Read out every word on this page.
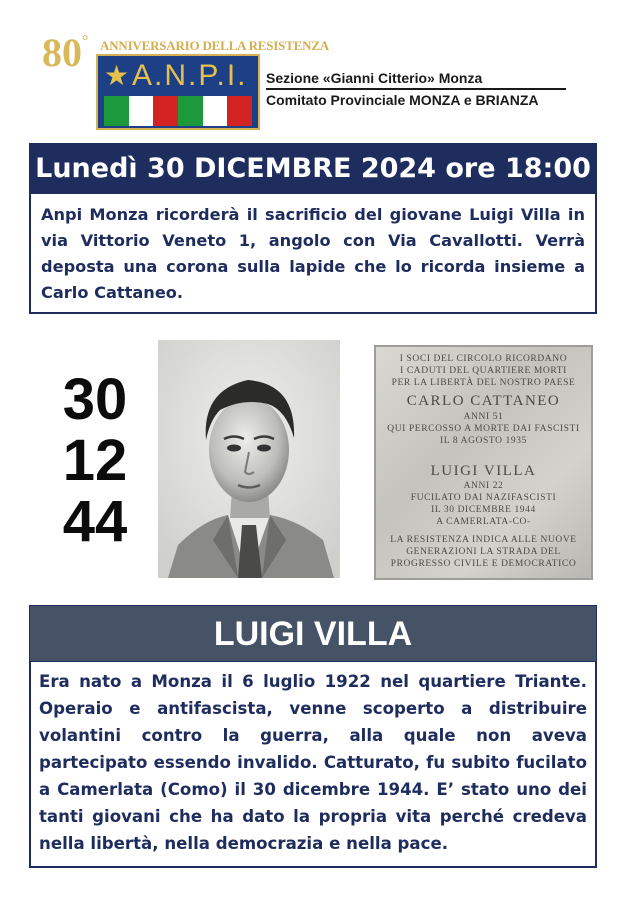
80° ANNIVERSARIO DELLA RESISTENZA
★ A.N.P.I. Sezione «Gianni Citterio» Monza
Comitato Provinciale MONZA e BRIANZA
Lunedì 30 DICEMBRE 2024 ore 18:00
Anpi Monza ricorderà il sacrificio del giovane Luigi Villa in via Vittorio Veneto 1, angolo con Via Cavallotti. Verrà deposta una corona sulla lapide che lo ricorda insieme a Carlo Cattaneo.
30
12
44
I SOCI DEL CIRCOLO RICORDANO
I CADUTI DEL QUARTIERE MORTI
PER LA LIBERTÀ DEL NOSTRO PAESE
CARLO CATTANEO
ANNI 51
QUI PERCOSSO A MORTE DAI FASCISTI
IL 8 AGOSTO 1935
LUIGI VILLA
ANNI 22
FUCILATO DAI NAZIFASCISTI
IL 30 DICEMBRE 1944
A CAMERLATA-CO-
LA RESISTENZA INDICA ALLE NUOVE
GENERAZIONI LA STRADA DEL
PROGRESSO CIVILE E DEMOCRATICO
LUIGI VILLA
Era nato a Monza il 6 luglio 1922 nel quartiere Triante. Operaio e antifascista, venne scoperto a distribuire volantini contro la guerra, alla quale non aveva partecipato essendo invalido. Catturato, fu subito fucilato a Camerlata (Como) il 30 dicembre 1944. E’ stato uno dei tanti giovani che ha dato la propria vita perché credeva nella libertà, nella democrazia e nella pace.
